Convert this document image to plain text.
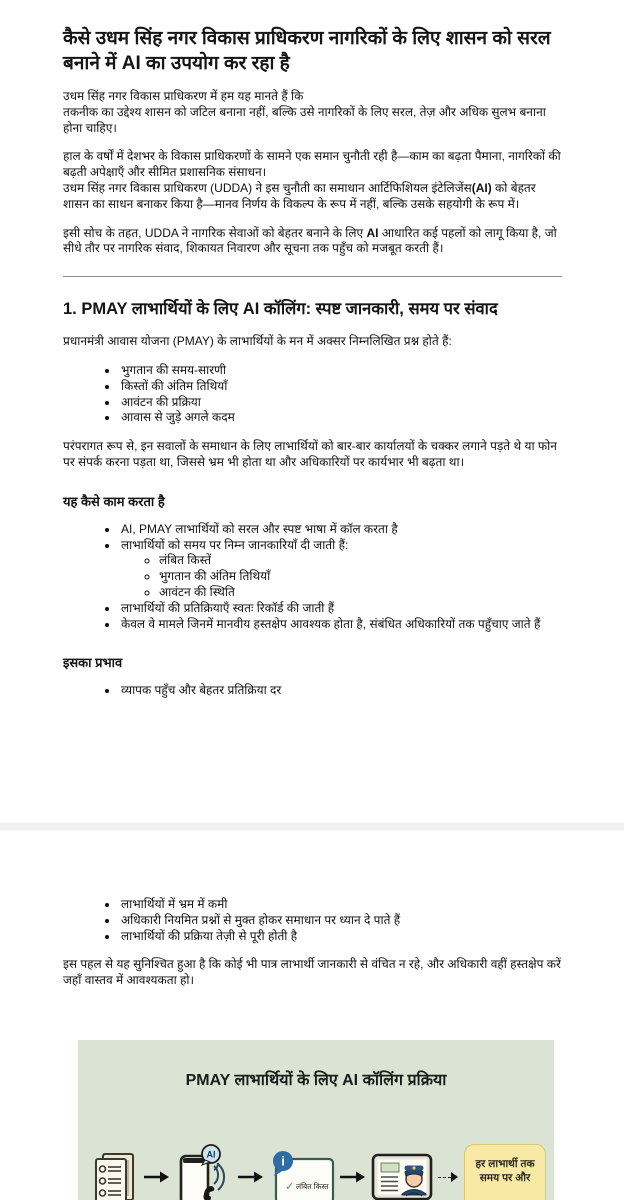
कैसे उधम सिंह नगर विकास प्राधिकरण नागरिकों के लिए शासन को सरल बनाने में AI का उपयोग कर रहा है

उधम सिंह नगर विकास प्राधिकरण में हम यह मानते हैं कि
तकनीक का उद्देश्य शासन को जटिल बनाना नहीं, बल्कि उसे नागरिकों के लिए सरल, तेज़ और अधिक सुलभ बनाना होना चाहिए।

हाल के वर्षों में देशभर के विकास प्राधिकरणों के सामने एक समान चुनौती रही है—काम का बढ़ता पैमाना, नागरिकों की बढ़ती अपेक्षाएँ और सीमित प्रशासनिक संसाधन।
उधम सिंह नगर विकास प्राधिकरण (UDDA) ने इस चुनौती का समाधान आर्टिफिशियल इंटेलिजेंस(AI) को बेहतर शासन का साधन बनाकर किया है—मानव निर्णय के विकल्प के रूप में नहीं, बल्कि उसके सहयोगी के रूप में।

इसी सोच के तहत, UDDA ने नागरिक सेवाओं को बेहतर बनाने के लिए AI आधारित कई पहलों को लागू किया है, जो सीधे तौर पर नागरिक संवाद, शिकायत निवारण और सूचना तक पहुँच को मजबूत करती हैं।

1. PMAY लाभार्थियों के लिए AI कॉलिंग: स्पष्ट जानकारी, समय पर संवाद

प्रधानमंत्री आवास योजना (PMAY) के लाभार्थियों के मन में अक्सर निम्नलिखित प्रश्न होते हैं:

• भुगतान की समय-सारणी
• किस्तों की अंतिम तिथियाँ
• आवंटन की प्रक्रिया
• आवास से जुड़े अगले कदम

परंपरागत रूप से, इन सवालों के समाधान के लिए लाभार्थियों को बार-बार कार्यालयों के चक्कर लगाने पड़ते थे या फोन पर संपर्क करना पड़ता था, जिससे भ्रम भी होता था और अधिकारियों पर कार्यभार भी बढ़ता था।

यह कैसे काम करता है
• AI, PMAY लाभार्थियों को सरल और स्पष्ट भाषा में कॉल करता है
• लाभार्थियों को समय पर निम्न जानकारियाँ दी जाती हैं:
◦ लंबित किस्तें
◦ भुगतान की अंतिम तिथियाँ
◦ आवंटन की स्थिति
• लाभार्थियों की प्रतिक्रियाएँ स्वतः रिकॉर्ड की जाती हैं
• केवल वे मामले जिनमें मानवीय हस्तक्षेप आवश्यक होता है, संबंधित अधिकारियों तक पहुँचाए जाते हैं
इसका प्रभाव
• व्यापक पहुँच और बेहतर प्रतिक्रिया दर
• लाभार्थियों में भ्रम में कमी
• अधिकारी नियमित प्रश्नों से मुक्त होकर समाधान पर ध्यान दे पाते हैं
• लाभार्थियों की प्रक्रिया तेज़ी से पूरी होती है

इस पहल से यह सुनिश्चित हुआ है कि कोई भी पात्र लाभार्थी जानकारी से वंचित न रहे, और अधिकारी वहीं हस्तक्षेप करें जहाँ वास्तव में आवश्यकता हो।

PMAY लाभार्थियों के लिए AI कॉलिंग प्रक्रिया
AI	i
✓ लंबित किस्त
हर लाभार्थी तक
समय पर और
